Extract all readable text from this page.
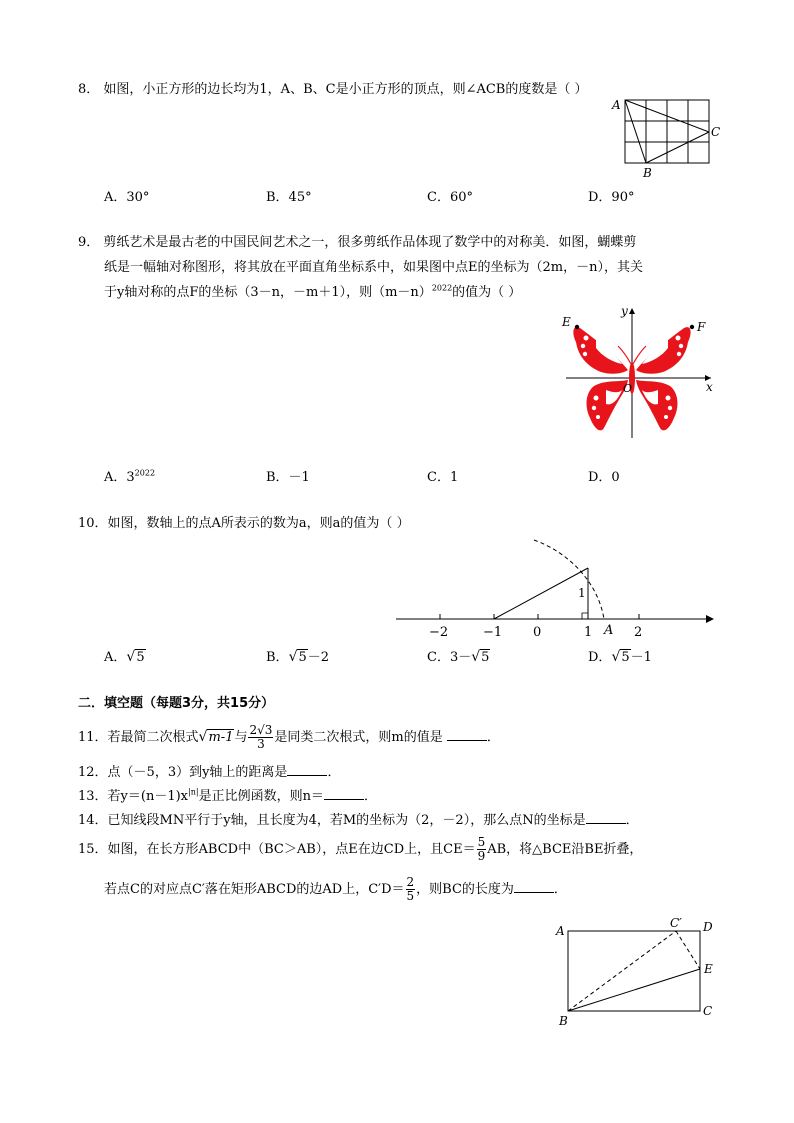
8． 如图，小正方形的边长均为1，A、B、C是小正方形的顶点，则∠ACB的度数是（ ）
A
C
B
A．30°	B．45°	C．60°	D．90°
9． 剪纸艺术是最古老的中国民间艺术之一，很多剪纸作品体现了数学中的对称美．如图，蝴蝶剪
纸是一幅轴对称图形，将其放在平面直角坐标系中，如果图中点E的坐标为（2m，－n），其关
于y轴对称的点F的坐标（3－n，－m＋1），则$(m-n)^{2022}$的值为（ ）
E	F
x
y
O
A．$3^{2022}$	B．－1	C．1	D．0
10．如图，数轴上的点A所表示的数为a，则a的值为（ ）
1
−2	−1 0	1 A 2
A．√5	B．√5－2	C．3－√5	D．√5－1
二．填空题（每题3分，共15分）
11．若最简二次根式√m-1与 $\frac{2√3}{3}$ 是同类二次根式，则m的值是	．
12．点（－5，3）到y轴上的距离是	．
13．若$y=(n-1)x^{|n|}$是正比例函数，则n＝	．
14．已知线段MN平行于y轴，且长度为4，若M的坐标为（2，－2），那么点N的坐标是	．
15．如图，在长方形ABCD中（BC＞AB），点E在边CD上，且$CE= \frac{5}{9}$ AB，将△BCE沿BE折叠，
若点C的对应点C′落在矩形ABCD的边AD上，$C'D= \frac{2}{5}$ ，则BC的长度为	．
A
C′ D
E
C
B
